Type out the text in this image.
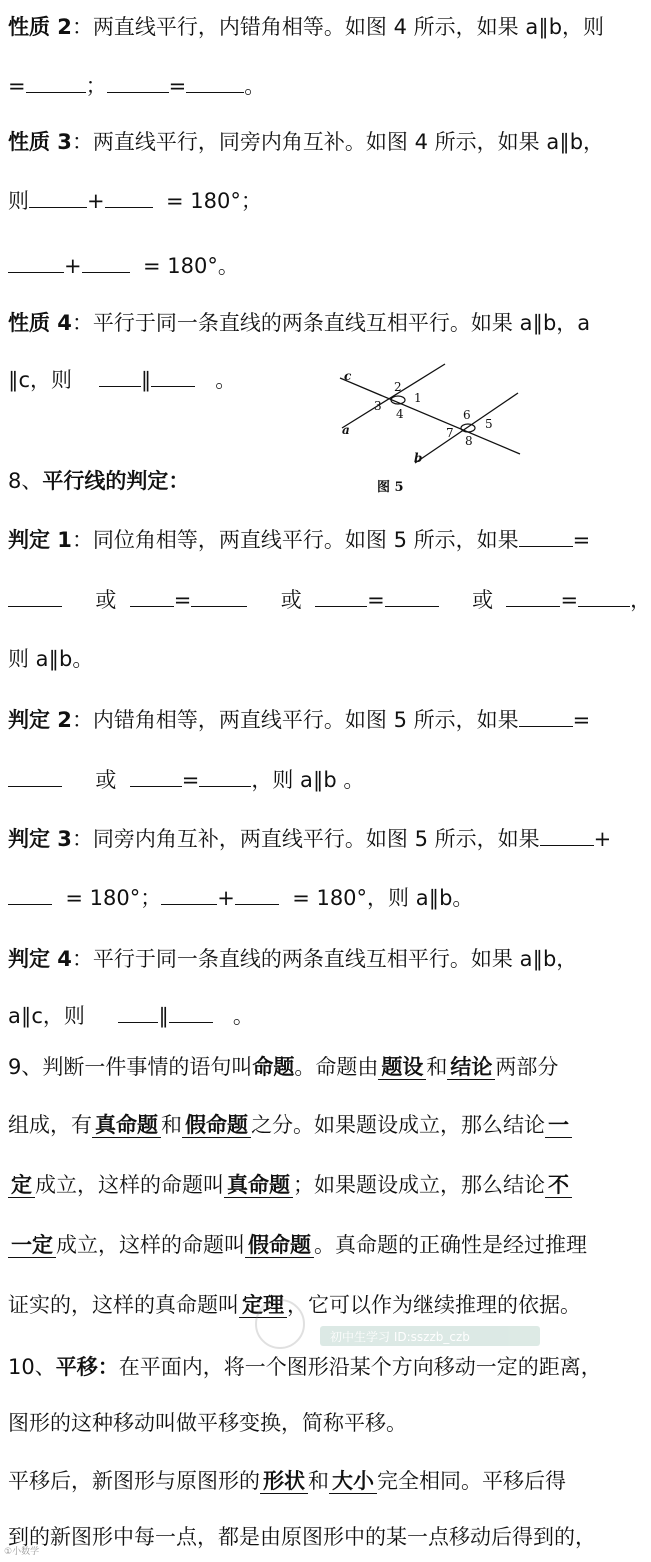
性质 2：两直线平行，内错角相等。如图 4 所示，如果 a∥b，则
=	；	=	。
性质 3：两直线平行，同旁内角互补。如图 4 所示，如果 a∥b，
则	+	= 180°；
+	= 180°。
性质 4：平行于同一条直线的两条直线互相平行。如果 a∥b，a
∥c，则	∥	。	c
a
b
2
1
3
4	6
5
7
8
图 5
8、平行线的判定：
判定 1：同位角相等，两直线平行。如图 5 所示，如果	=
或	=	或	=	或	= ，
则 a∥b。
判定 2：内错角相等，两直线平行。如图 5 所示，如果	=
或	= ，则 a∥b 。
判定 3：同旁内角互补，两直线平行。如图 5 所示，如果	+
= 180°；	+	= 180°，则 a∥b。
判定 4：平行于同一条直线的两条直线互相平行。如果 a∥b，
a∥c，则	∥	。
9、判断一件事情的语句叫命题。命题由 题设 和 结论 两部分
组成，有 真命题 和 假命题 之分。如果题设成立，那么结论 一
定 成立，这样的命题叫 真命题 ；如果题设成立，那么结论 不
一定 成立，这样的命题叫 假命题 。真命题的正确性是经过推理
证实的，这样的真命题叫 定理 ，它可以作为继续推理的依据。
初中生学习 ID:sszzb_czb
10、平移：在平面内，将一个图形沿某个方向移动一定的距离，
图形的这种移动叫做平移变换，简称平移。
平移后，新图形与原图形的 形状 和 大小 完全相同。平移后得
到的新图形中每一点，都是由原图形中的某一点移动后得到的，
①小数学
